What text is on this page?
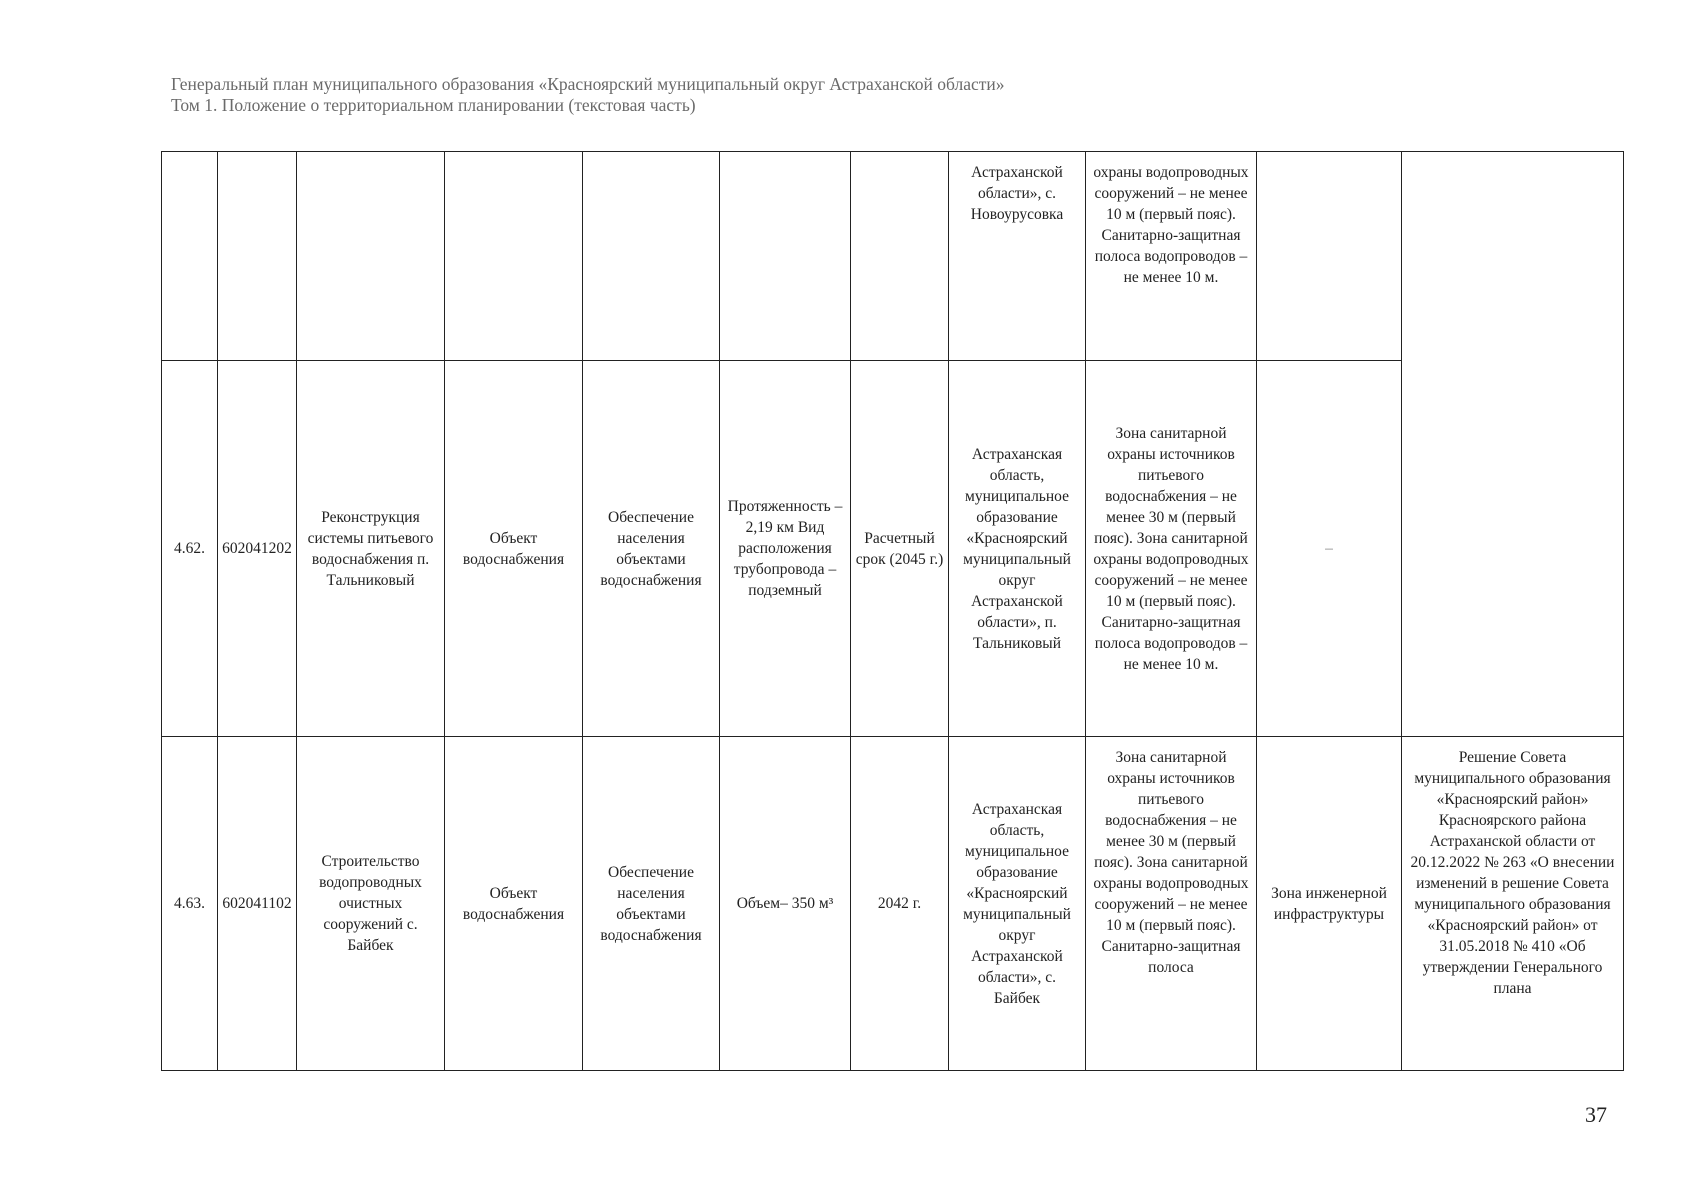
Генеральный план муниципального образования «Красноярский муниципальный округ Астраханской области»
Том 1. Положение о территориальном планировании (текстовая часть)
							Астраханской области», с. Новоурусовка	охраны водопроводных сооружений – не менее 10 м (первый пояс). Санитарно-защитная полоса водопроводов – не менее 10 м.		
4.62.	602041202	Реконструкция системы питьевого водоснабжения п. Тальниковый	Объект водоснабжения	Обеспечение населения объектами водоснабжения	Протяженность – 2,19 км Вид расположения трубопровода – подземный	Расчетный срок (2045 г.)	Астраханская область, муниципальное образование «Красноярский муниципальный округ Астраханской области», п. Тальниковый	Зона санитарной охраны источников питьевого водоснабжения – не менее 30 м (первый пояс). Зона санитарной охраны водопроводных сооружений – не менее 10 м (первый пояс). Санитарно-защитная полоса водопроводов – не менее 10 м.	–	
4.63.	602041102	Строительство водопроводных очистных сооружений с. Байбек	Объект водоснабжения	Обеспечение населения объектами водоснабжения	Объем– 350 м³	2042 г.	Астраханская область, муниципальное образование «Красноярский муниципальный округ Астраханской области», с. Байбек	Зона санитарной охраны источников питьевого водоснабжения – не менее 30 м (первый пояс). Зона санитарной охраны водопроводных сооружений – не менее 10 м (первый пояс). Санитарно-защитная полоса	Зона инженерной инфраструктуры	Решение Совета муниципального образования «Красноярский район» Красноярского района Астраханской области от 20.12.2022 № 263 «О внесении изменений в решение Совета муниципального образования «Красноярский район» от 31.05.2018 № 410 «Об утверждении Генерального плана
37
